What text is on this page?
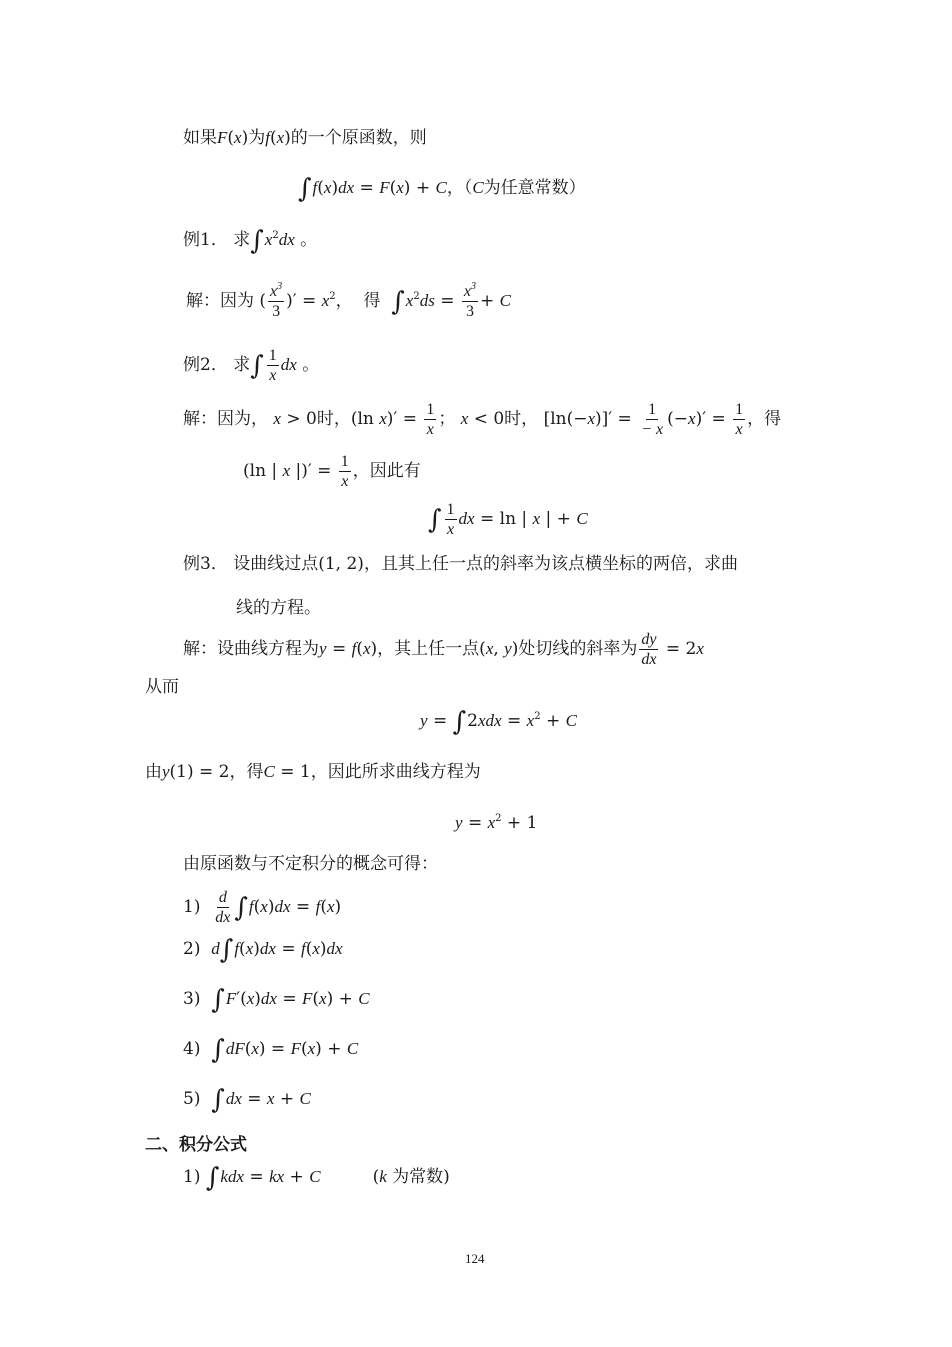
如果F(x)为f(x)的一个原函数，则
∫f(x)dx = F(x) + C，（C为任意常数）
例1． 求$\int x^2dx$ 。
解：因为 ( $\frac{x^3}{3}$ )′ = $x^2$， 得 $\int x^2ds = \frac{x^3}{3} + C$
例2． 求∫ $\frac{1}{x}$ dx 。
解：因为， x > 0时，(ln $x)' = \frac{1}{x}$ ； x < 0时， $[\ln(-x)]' = \frac{1}{- x} (-x)' = \frac{1}{x}$ ，得
(ln | x |)′ = $\frac{1}{x}$ ，因此有
∫ $\frac{1}{x}$ dx = ln | x | + C
例3． 设曲线过点(1, 2)，且其上任一点的斜率为该点横坐标的两倍，求曲
线的方程。
解：设曲线方程为y = f(x)，其上任一点(x, y)处切线的斜率为 $\frac{dy}{dx} = 2x$
从而
$y = \int 2xdx = x^2 + C$
由y(1) = 2，得C = 1，因此所求曲线方程为
$y = x^2 + 1$
由原函数与不定积分的概念可得：
$1) \frac{d}{dx} \int f(x)dx = f(x)$
2) d∫f(x)dx = f(x)dx
3) ∫F′(x)dx = F(x) + C
4) ∫dF(x) = F(x) + C
5) ∫dx = x + C
二、积分公式
1) ∫kdx = kx + C	(k 为常数)
124
